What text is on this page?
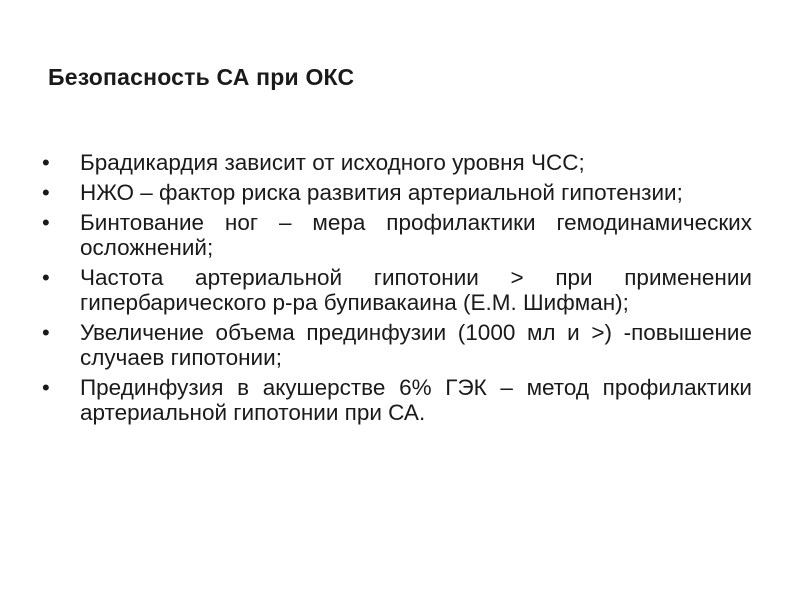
Безопасность СА при ОКС
• Брадикардия зависит от исходного уровня ЧСС;
• НЖО – фактор риска развития артериальной гипотензии;
• Бинтование ног – мера профилактики гемодинамических осложнений;
• Частота артериальной гипотонии > при применении гипербарического р-ра бупивакаина (Е.М. Шифман);
• Увеличение объема прединфузии (1000 мл и >) -повышение случаев гипотонии;
• Прединфузия в акушерстве 6% ГЭК – метод профилактики артериальной гипотонии при СА.
